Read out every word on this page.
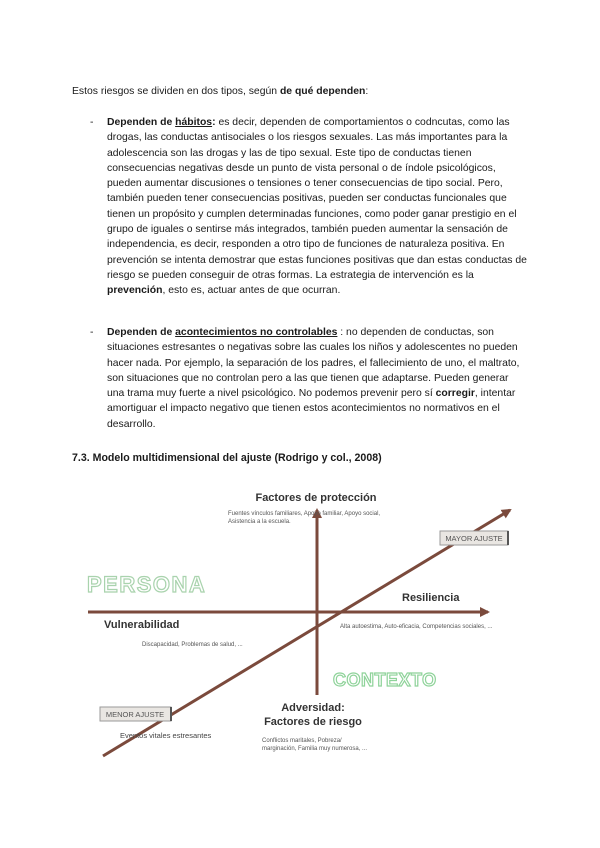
Estos riesgos se dividen en dos tipos, según de qué dependen:

- Dependen de hábitos: es decir, dependen de comportamientos o codncutas, como las drogas, las conductas antisociales o los riesgos sexuales. Las más importantes para la adolescencia son las drogas y las de tipo sexual. Este tipo de conductas tienen consecuencias negativas desde un punto de vista personal o de índole psicológicos, pueden aumentar discusiones o tensiones o tener consecuencias de tipo social. Pero, también pueden tener consecuencias positivas, pueden ser conductas funcionales que tienen un propósito y cumplen determinadas funciones, como poder ganar prestigio en el grupo de iguales o sentirse más integrados, también pueden aumentar la sensación de independencia, es decir, responden a otro tipo de funciones de naturaleza positiva. En prevención se intenta demostrar que estas funciones positivas que dan estas conductas de riesgo se pueden conseguir de otras formas. La estrategia de intervención es la prevención, esto es, actuar antes de que ocurran.
- Dependen de acontecimientos no controlables : no dependen de conductas, son situaciones estresantes o negativas sobre las cuales los niños y adolescentes no pueden hacer nada. Por ejemplo, la separación de los padres, el fallecimiento de uno, el maltrato, son situaciones que no controlan pero a las que tienen que adaptarse. Pueden generar una trama muy fuerte a nivel psicológico. No podemos prevenir pero sí corregir, intentar amortiguar el impacto negativo que tienen estos acontecimientos no normativos en el desarrollo.
7.3. Modelo multidimensional del ajuste (Rodrigo y col., 2008)
Factores de protección
Fuentes vínculos familiares, Apoyo familiar, Apoyo social,
Asistencia a la escuela.
MAYOR AJUSTE
PERSONA
Resiliencia
Alta autoestima, Auto-eficacia, Competencias sociales, ...
Vulnerabilidad
Discapacidad, Problemas de salud, ...
CONTEXTO
MENOR AJUSTE
Eventos vitales estresantes
Adversidad:
Factores de riesgo
Conflictos maritales, Pobreza/
marginación, Familia muy numerosa, ...
